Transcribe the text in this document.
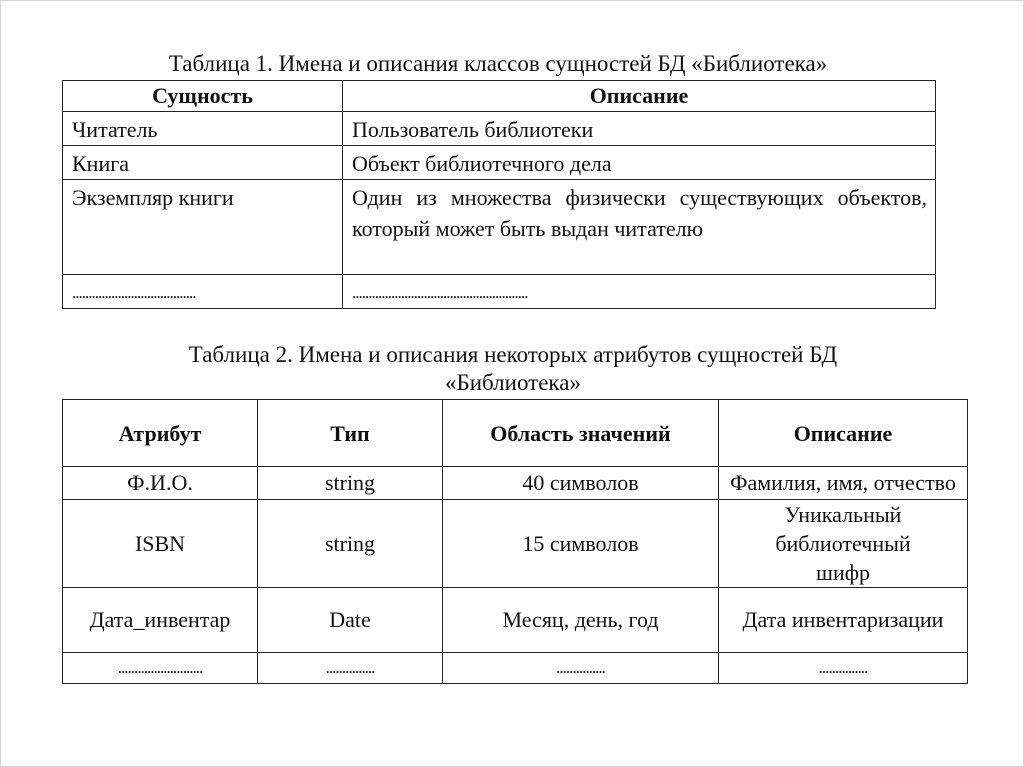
Таблица 1. Имена и описания классов сущностей БД «Библиотека»
Сущность	Описание
Читатель	Пользователь библиотеки
Книга	Объект библиотечного дела
Экземпляр книги	Один из множества физически существующих объектов, который может быть выдан читателю
......................................	......................................................
Таблица 2. Имена и описания некоторых атрибутов сущностей БД
«Библиотека»
Атрибут	Тип	Область значений	Описание
Ф.И.О.	string	40 символов	Фамилия, имя, отчество
ISBN	string	15 символов	Уникальный библиотечный шифр
Дата_инвентар	Date	Месяц, день, год	Дата инвентаризации
..........................	...............	...............	...............
